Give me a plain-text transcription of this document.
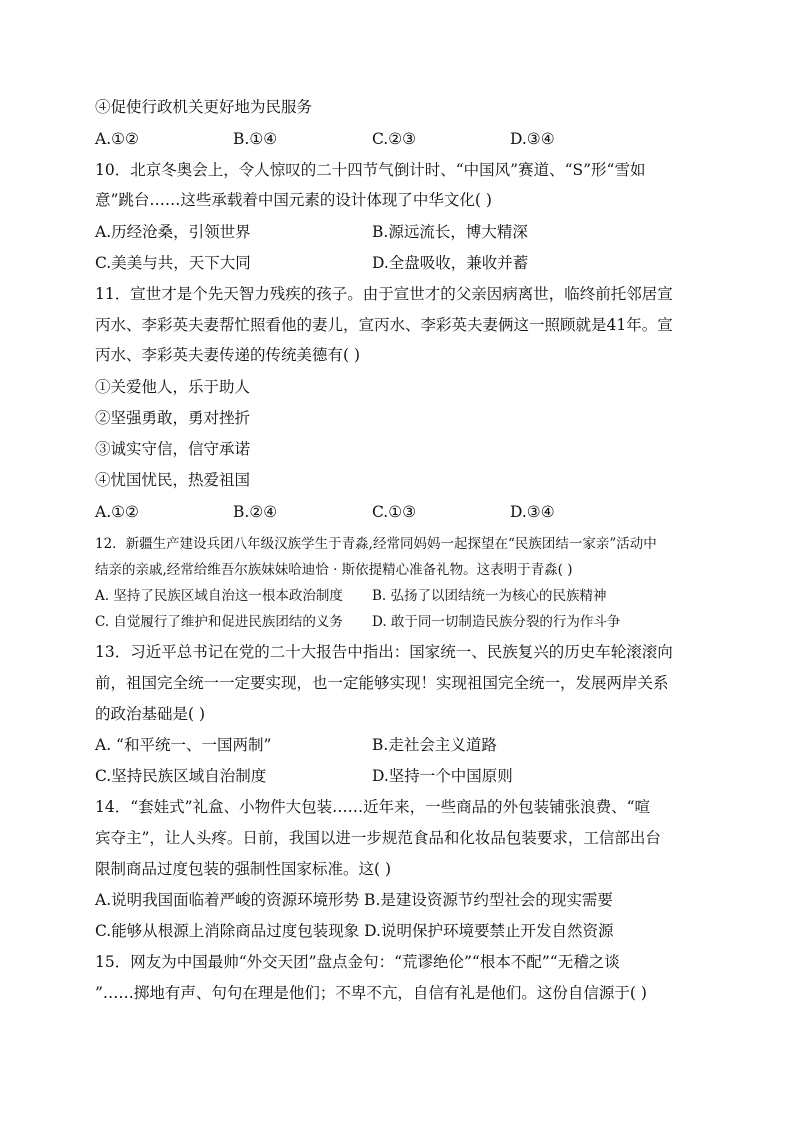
④促使行政机关更好地为民服务
A.①②	B.①④	C.②③	D.③④
10．北京冬奥会上，令人惊叹的二十四节气倒计时、“中国风”赛道、“S”形“雪如
意”跳台……这些承载着中国元素的设计体现了中华文化( )
A.历经沧桑，引领世界	B.源远流长，博大精深
C.美美与共，天下大同	D.全盘吸收，兼收并蓄
11．宣世才是个先天智力残疾的孩子。由于宣世才的父亲因病离世，临终前托邻居宣
丙水、李彩英夫妻帮忙照看他的妻儿，宣丙水、李彩英夫妻俩这一照顾就是41年。宣
丙水、李彩英夫妻传递的传统美德有( )
①关爱他人，乐于助人
②坚强勇敢，勇对挫折
③诚实守信，信守承诺
④忧国忧民，热爱祖国
A.①②	B.②④	C.①③	D.③④
12．新疆生产建设兵团八年级汉族学生于青淼,经常同妈妈一起探望在“民族团结一家亲”活动中
结亲的亲戚,经常给维吾尔族妹妹哈迪恰 · 斯依提精心准备礼物。这表明于青淼( )
A. 坚持了民族区域自治这一根本政治制度 B. 弘扬了以团结统一为核心的民族精神
C. 自觉履行了维护和促进民族团结的义务 D. 敢于同一切制造民族分裂的行为作斗争
13．习近平总书记在党的二十大报告中指出：国家统一、民族复兴的历史车轮滚滚向
前，祖国完全统一一定要实现，也一定能够实现！实现祖国完全统一，发展两岸关系
的政治基础是( )
A. “和平统一、一国两制”	B.走社会主义道路
C.坚持民族区域自治制度	D.坚持一个中国原则
14．“套娃式”礼盒、小物件大包装……近年来，一些商品的外包装铺张浪费、“喧
宾夺主”，让人头疼。日前，我国以进一步规范食品和化妆品包装要求，工信部出台
限制商品过度包装的强制性国家标准。这( )
A.说明我国面临着严峻的资源环境形势 B.是建设资源节约型社会的现实需要
C.能够从根源上消除商品过度包装现象 D.说明保护环境要禁止开发自然资源
15．网友为中国最帅“外交天团”盘点金句：“荒谬绝伦”“根本不配”“无稽之谈
”……掷地有声、句句在理是他们；不卑不亢，自信有礼是他们。这份自信源于( )
